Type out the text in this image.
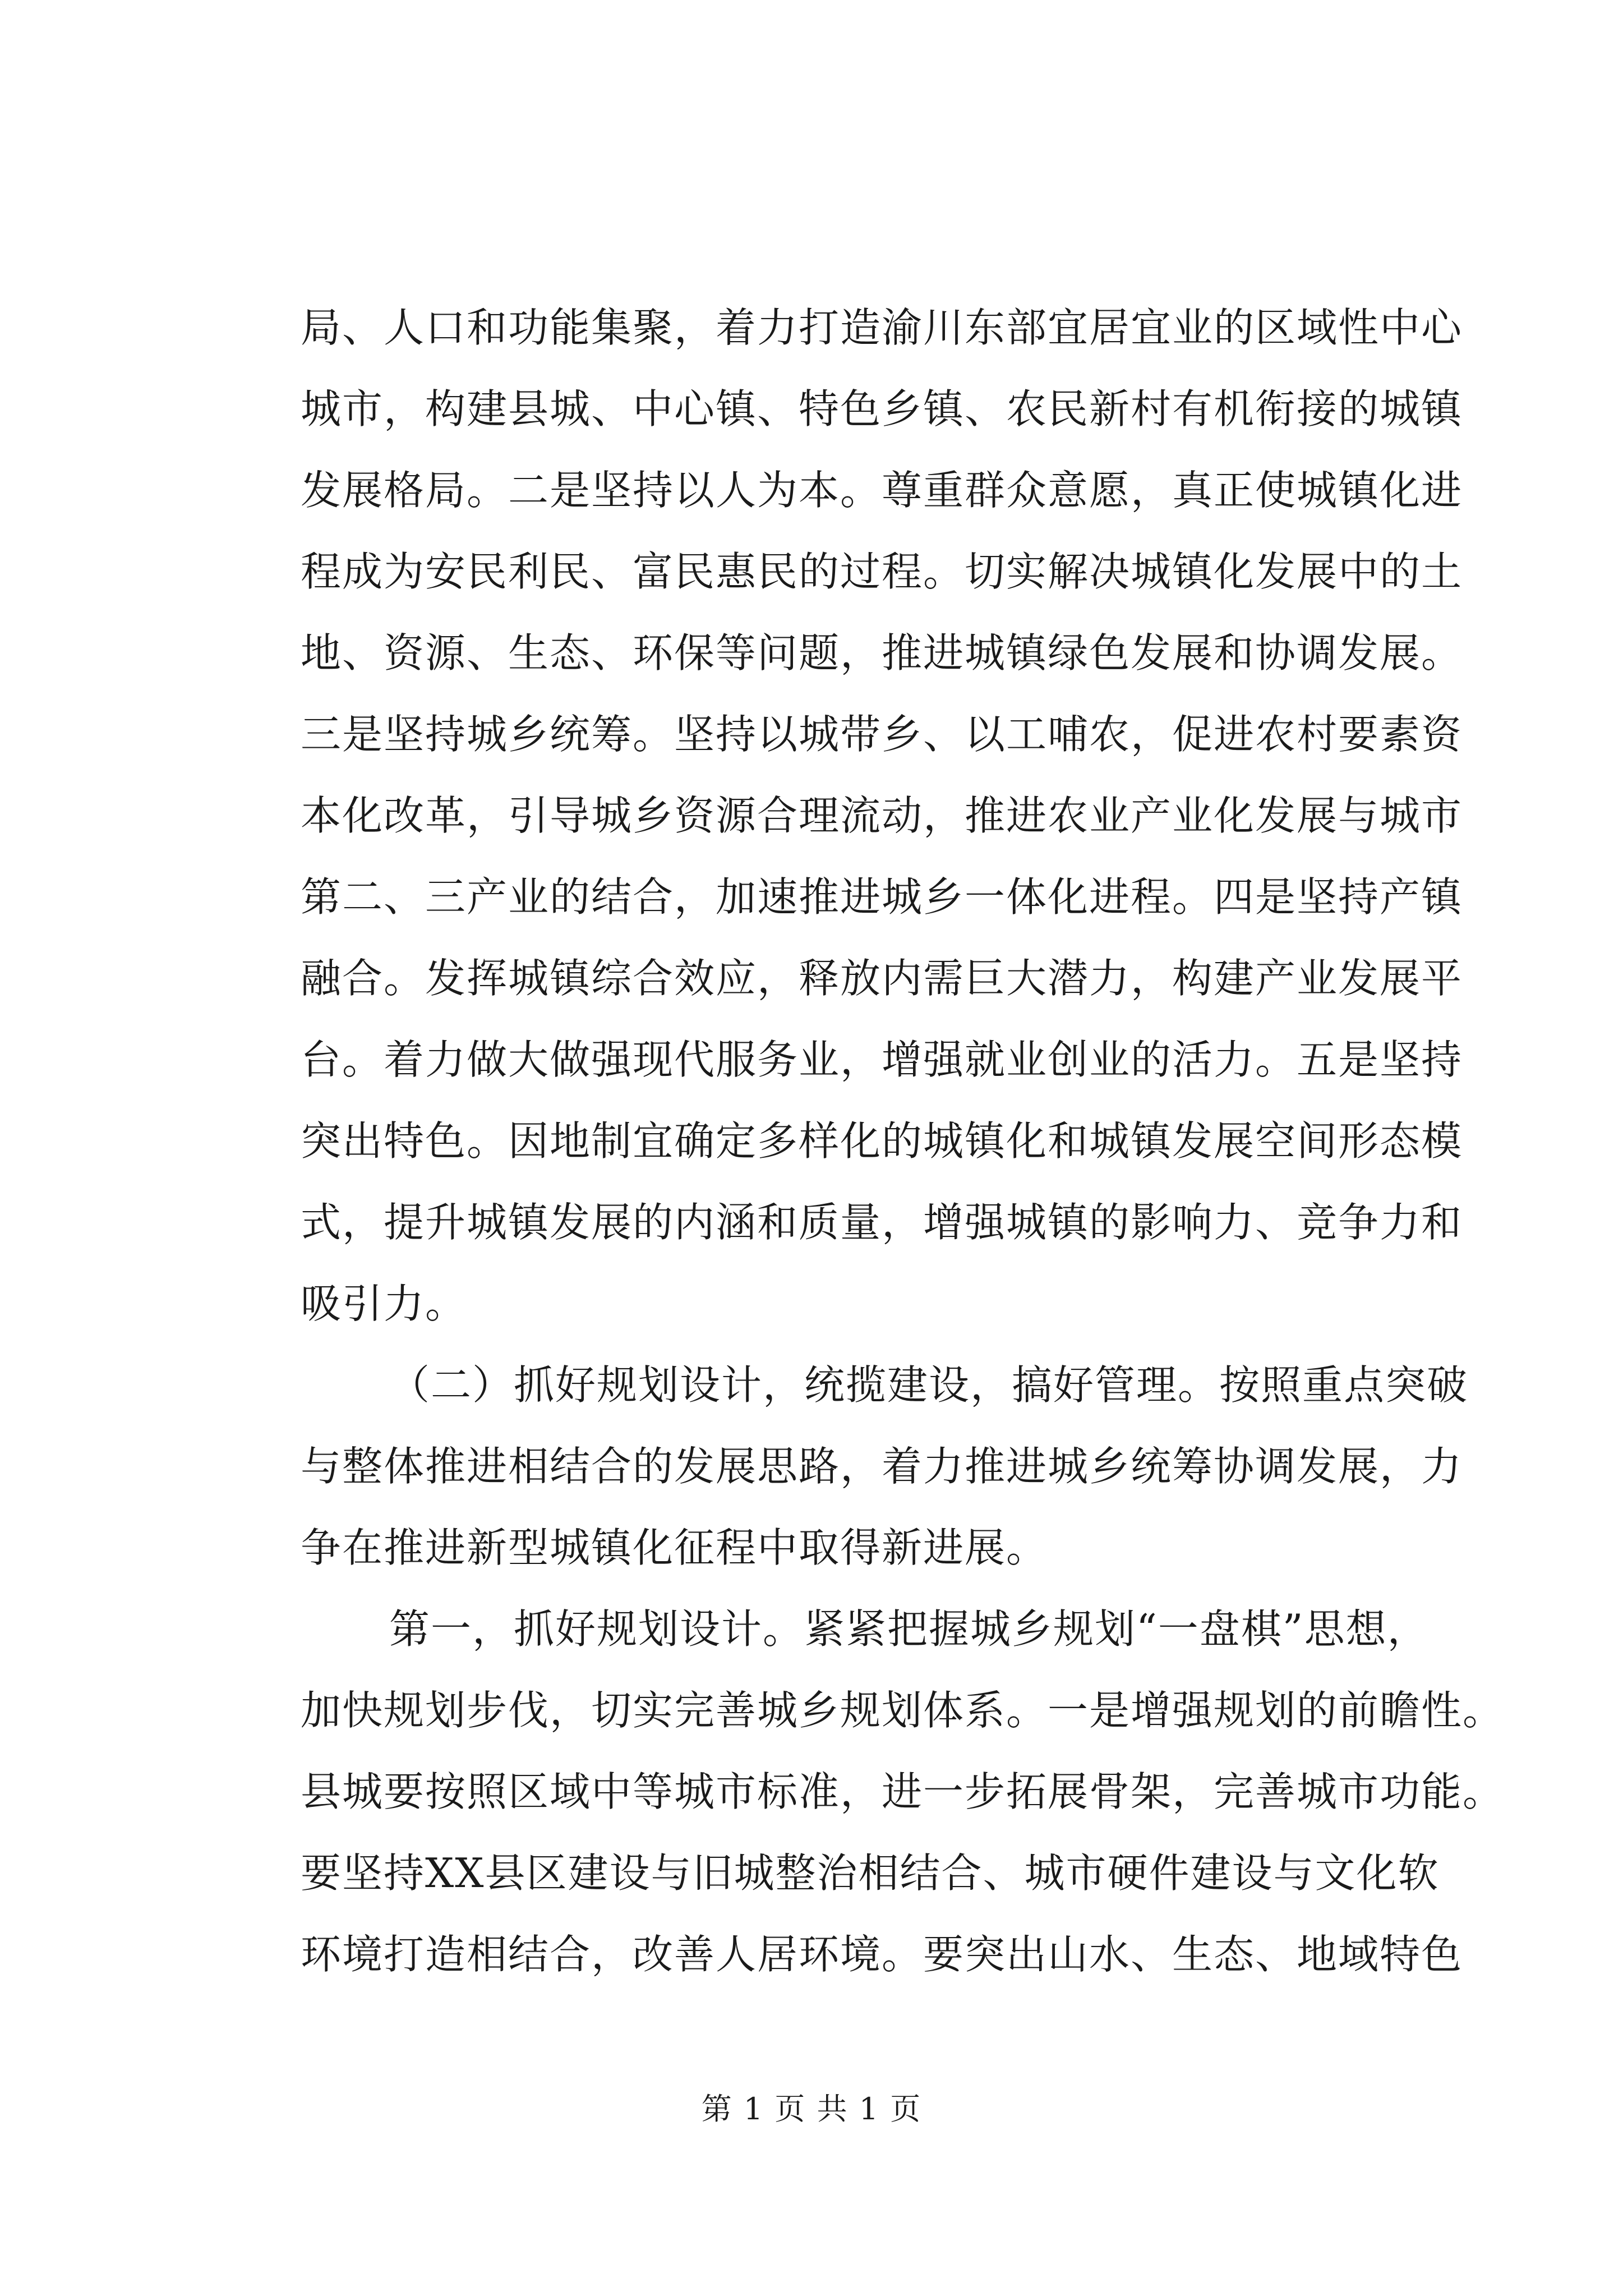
局、人口和功能集聚，着力打造渝川东部宜居宜业的区域性中心
城市，构建县城、中心镇、特色乡镇、农民新村有机衔接的城镇
发展格局。二是坚持以人为本。尊重群众意愿，真正使城镇化进
程成为安民利民、富民惠民的过程。切实解决城镇化发展中的土
地、资源、生态、环保等问题，推进城镇绿色发展和协调发展。
三是坚持城乡统筹。坚持以城带乡、以工哺农，促进农村要素资
本化改革，引导城乡资源合理流动，推进农业产业化发展与城市
第二、三产业的结合，加速推进城乡一体化进程。四是坚持产镇
融合。发挥城镇综合效应，释放内需巨大潜力，构建产业发展平
台。着力做大做强现代服务业，增强就业创业的活力。五是坚持
突出特色。因地制宜确定多样化的城镇化和城镇发展空间形态模
式，提升城镇发展的内涵和质量，增强城镇的影响力、竞争力和
吸引力。
（二）抓好规划设计，统揽建设，搞好管理。按照重点突破
与整体推进相结合的发展思路，着力推进城乡统筹协调发展，力
争在推进新型城镇化征程中取得新进展。
第一，抓好规划设计。紧紧把握城乡规划“一盘棋”思想，
加快规划步伐，切实完善城乡规划体系。一是增强规划的前瞻性。
县城要按照区域中等城市标准，进一步拓展骨架，完善城市功能。
要坚持XX县区建设与旧城整治相结合、城市硬件建设与文化软
环境打造相结合，改善人居环境。要突出山水、生态、地域特色
第 1 页 共 1 页
